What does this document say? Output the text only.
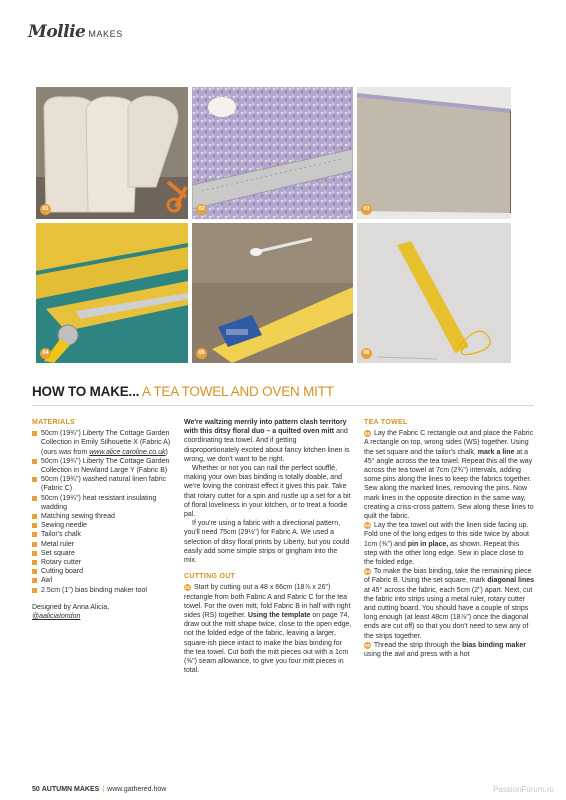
Mollie MAKES
01	02	03
04	05	06
HOW TO MAKE... A TEA TOWEL AND OVEN MITT
MATERIALS
50cm (19¾") Liberty The Cottage Garden Collection in Emily Silhouette X (Fabric A) (ours was from www.alice caroline.co.uk)
50cm (19¾") Liberty The Cottage Garden Collection in Newland Large Y (Fabric B)
50cm (19¾") washed natural linen fabric (Fabric C)
50cm (19¾") heat resistant insulating wadding
Matching sewing thread
Sewing needle
Tailor's chalk
Metal ruler
Set square
Rotary cutter
Cutting board
Awl
2.5cm (1") bias binding maker tool
Designed by Anna Alicia,
@aaliciaIondon

We're waltzing merrily into pattern clash territory with this ditsy floral duo – a quilted oven mitt and coordinating tea towel. And if getting disproportionately excited about fancy kitchen linen is wrong, we don't want to be right.

Whether or not you can nail the perfect soufflé, making your own bias binding is totally doable, and we're loving the contrast effect it gives this pair. Take that rotary cutter for a spin and rustle up a set for a bit of floral loveliness in your kitchen, or to treat a foodie pal.

If you're using a fabric with a directional pattern, you'll need 75cm (29½") for Fabric A. We used a selection of ditsy floral prints by Liberty, but you could easily add some simple strips or gingham into the mix.

CUTTING OUT

01 Start by cutting out a 48 x 66cm (18⅞ x 26") rectangle from both Fabric A and Fabric C for the tea towel. For the oven mitt, fold Fabric B in half with right sides (RS) together. Using the template on page 74, draw out the mitt shape twice, close to the open edge, not the folded edge of the fabric, leaving a larger, square-ish piece intact to make the bias binding for the tea towel. Cut both the mitt pieces out with a 1cm (⅜") seam allowance, to give you four mitt pieces in total.

TEA TOWEL

02 Lay the Fabric C rectangle out and place the Fabric A rectangle on top, wrong sides (WS) together. Using the set square and the tailor's chalk, mark a line at a 45° angle across the tea towel. Repeat this all the way across the tea towel at 7cm (2¾") intervals, adding some pins along the lines to keep the fabrics together. Sew along the marked lines, removing the pins. Now mark lines in the opposite direction in the same way, creating a criss-cross pattern. Sew along these lines to quilt the fabric.

03 Lay the tea towel out with the linen side facing up. Fold one of the long edges to this side twice by about 1cm (⅜") and pin in place, as shown. Repeat this step with the other long edge. Sew in place close to the folded edge.

04 To make the bias binding, take the remaining piece of Fabric B. Using the set square, mark diagonal lines at 45° across the fabric, each 5cm (2") apart. Next, cut the fabric into strips using a metal ruler, rotary cutter and cutting board. You should have a couple of strips long enough (at least 48cm (18⅞") once the diagonal ends are cut off) so that you don't need to sew any of the strips together.

05 Thread the strip through the bias binding maker using the awl and press with a hot

50 AUTUMN MAKES | www.gathered.how	PassionForum.ru
